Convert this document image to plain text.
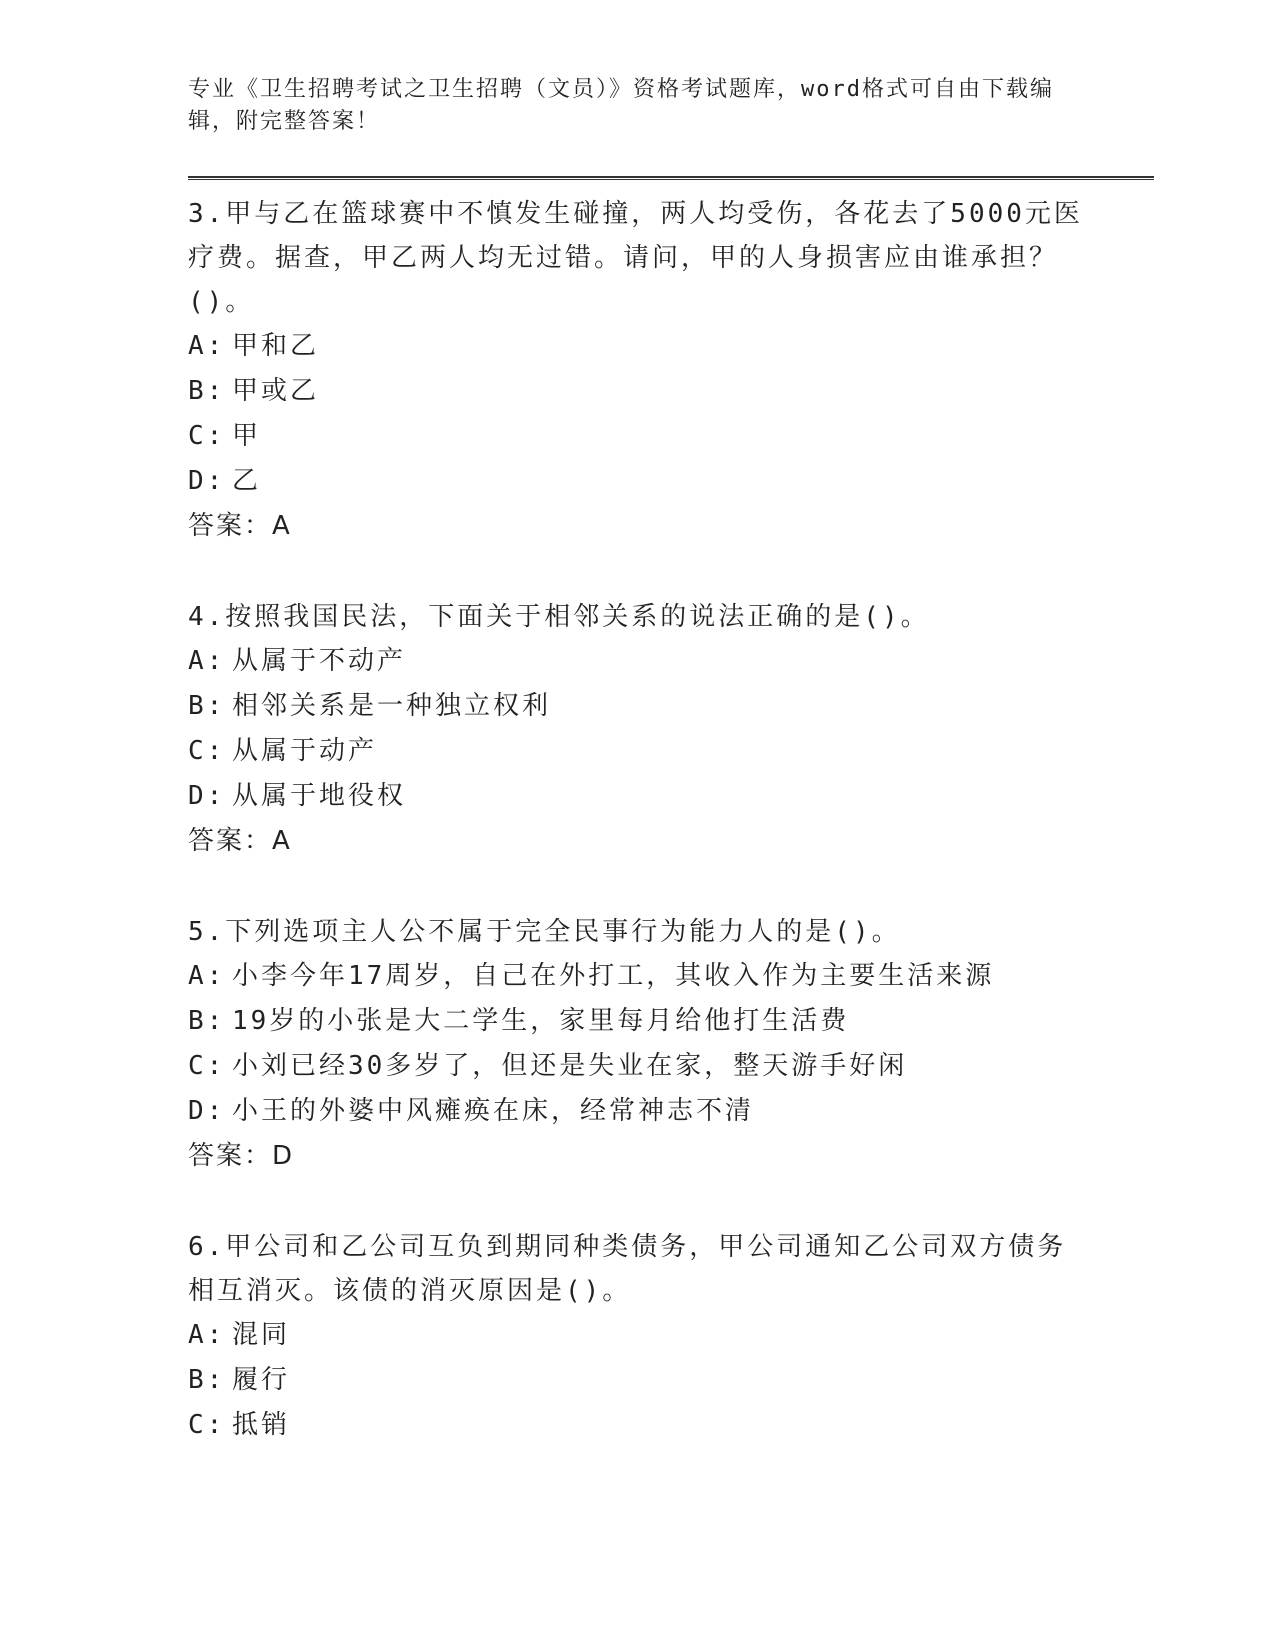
专业《卫生招聘考试之卫生招聘（文员）》资格考试题库，word格式可自由下载编辑，附完整答案！
3.甲与乙在篮球赛中不慎发生碰撞，两人均受伤，各花去了5000元医疗费。据查，甲乙两人均无过错。请问，甲的人身损害应由谁承担？()。
A: 甲和乙
B: 甲或乙
C: 甲
D: 乙
答案：A
4.按照我国民法，下面关于相邻关系的说法正确的是()。
A: 从属于不动产
B: 相邻关系是一种独立权利
C: 从属于动产
D: 从属于地役权
答案：A
5.下列选项主人公不属于完全民事行为能力人的是()。
A: 小李今年17周岁，自己在外打工，其收入作为主要生活来源
B: 19岁的小张是大二学生，家里每月给他打生活费
C: 小刘已经30多岁了，但还是失业在家，整天游手好闲
D: 小王的外婆中风瘫痪在床，经常神志不清
答案：D
6.甲公司和乙公司互负到期同种类债务，甲公司通知乙公司双方债务相互消灭。该债的消灭原因是()。
A: 混同
B: 履行
C: 抵销
